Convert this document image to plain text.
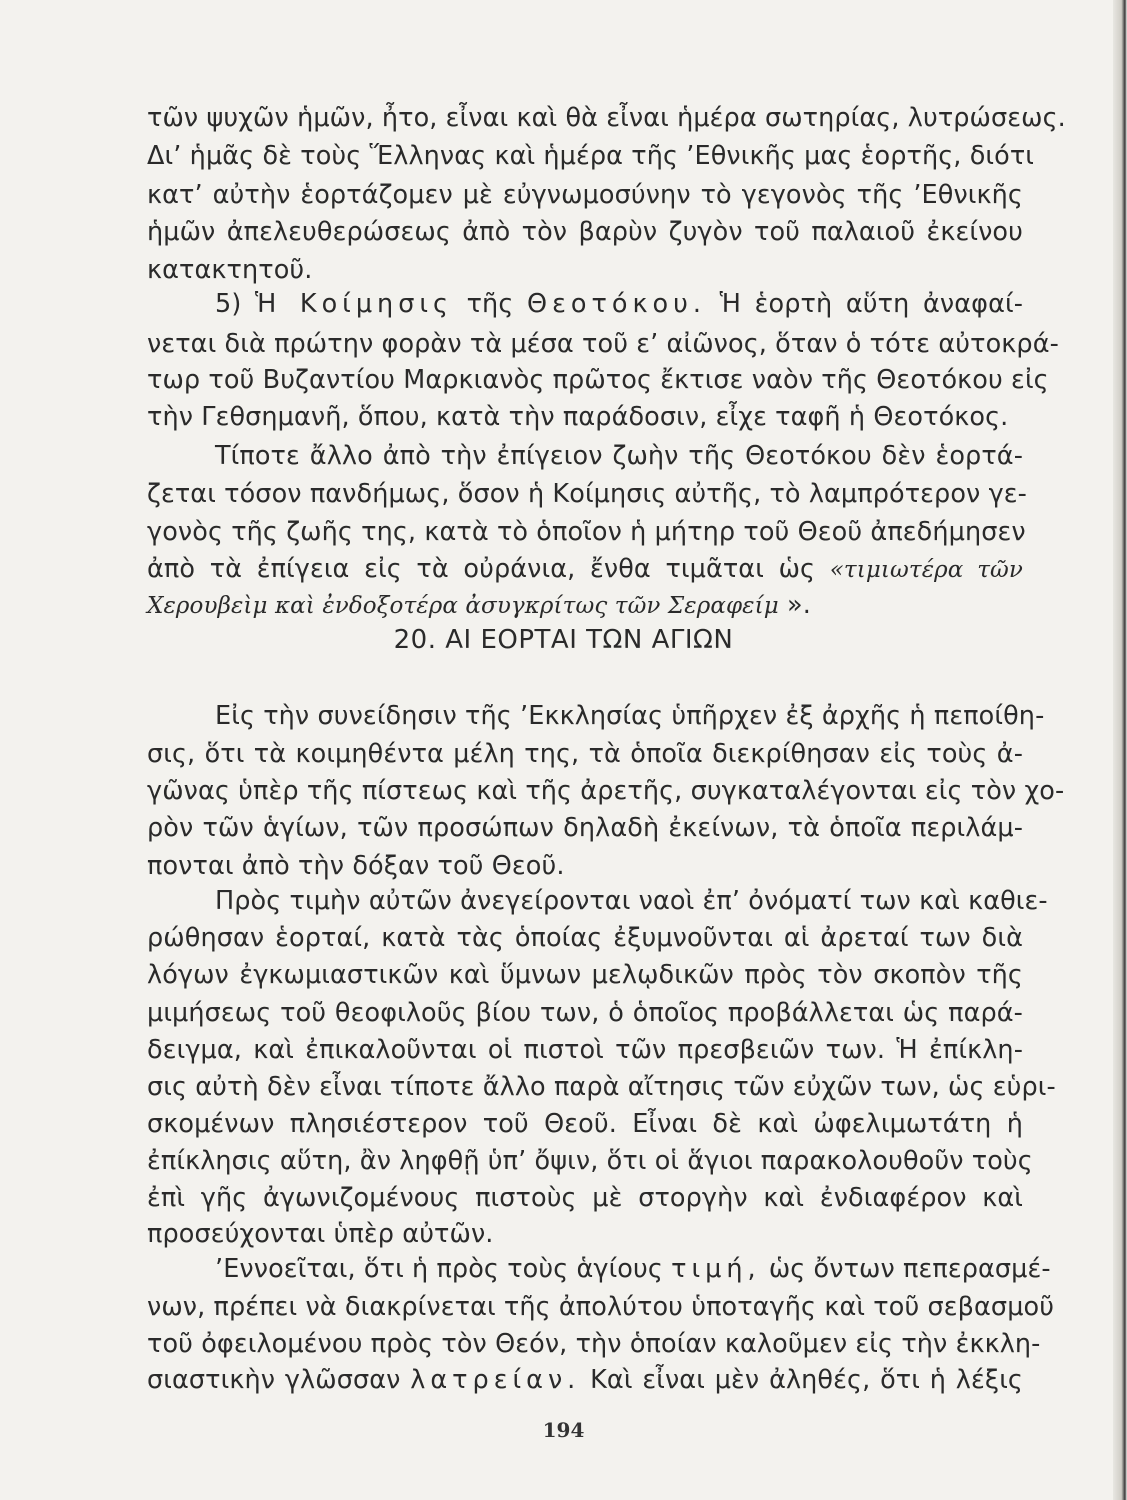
τῶν ψυχῶν ἡμῶν, ἦτο, εἶναι καὶ θὰ εἶναι ἡμέρα σωτηρίας, λυτρώσεως.
Δι’ ἡμᾶς δὲ τοὺς Ἕλληνας καὶ ἡμέρα τῆς ’Εθνικῆς μας ἑορτῆς, διότι
κατ’ αὐτὴν ἑορτάζομεν μὲ εὐγνωμοσύνην τὸ γεγονὸς τῆς ’Εθνικῆς
ἡμῶν ἀπελευθερώσεως ἀπὸ τὸν βαρὺν ζυγὸν τοῦ παλαιοῦ ἐκείνου
κατακτητοῦ.
5) Ἡ Κοίμησις τῆς Θεοτόκου. Ἡ ἑορτὴ αὕτη ἀναφαί-
νεται διὰ πρώτην φορὰν τὰ μέσα τοῦ ε’ αἰῶνος, ὅταν ὁ τότε αὐτοκρά-
τωρ τοῦ Βυζαντίου Μαρκιανὸς πρῶτος ἔκτισε ναὸν τῆς Θεοτόκου εἰς
τὴν Γεθσημανῆ, ὅπου, κατὰ τὴν παράδοσιν, εἶχε ταφῆ ἡ Θεοτόκος.
Τίποτε ἄλλο ἀπὸ τὴν ἐπίγειον ζωὴν τῆς Θεοτόκου δὲν ἑορτά-
ζεται τόσον πανδήμως, ὅσον ἡ Κοίμησις αὐτῆς, τὸ λαμπρότερον γε-
γονὸς τῆς ζωῆς της, κατὰ τὸ ὁποῖον ἡ μήτηρ τοῦ Θεοῦ ἀπεδήμησεν
ἀπὸ τὰ ἐπίγεια εἰς τὰ οὐράνια, ἔνθα τιμᾶται ὡς «τιμιωτέρα τῶν
Χερουβεὶμ καὶ ἐνδοξοτέρα ἀσυγκρίτως τῶν Σεραφείμ ».
20. ΑΙ ΕΟΡΤΑΙ ΤΩΝ ΑΓΙΩΝ
Εἰς τὴν συνείδησιν τῆς ’Εκκλησίας ὑπῆρχεν ἐξ ἀρχῆς ἡ πεποίθη-
σις, ὅτι τὰ κοιμηθέντα μέλη της, τὰ ὁποῖα διεκρίθησαν εἰς τοὺς ἀ-
γῶνας ὑπὲρ τῆς πίστεως καὶ τῆς ἀρετῆς, συγκαταλέγονται εἰς τὸν χο-
ρὸν τῶν ἁγίων, τῶν προσώπων δηλαδὴ ἐκείνων, τὰ ὁποῖα περιλάμ-
πονται ἀπὸ τὴν δόξαν τοῦ Θεοῦ.
Πρὸς τιμὴν αὐτῶν ἀνεγείρονται ναοὶ ἐπ’ ὀνόματί των καὶ καθιε-
ρώθησαν ἑορταί, κατὰ τὰς ὁποίας ἐξυμνοῦνται αἱ ἀρεταί των διὰ
λόγων ἐγκωμιαστικῶν καὶ ὕμνων μελῳδικῶν πρὸς τὸν σκοπὸν τῆς
μιμήσεως τοῦ θεοφιλοῦς βίου των, ὁ ὁποῖος προβάλλεται ὡς παρά-
δειγμα, καὶ ἐπικαλοῦνται οἱ πιστοὶ τῶν πρεσβειῶν των. Ἡ ἐπίκλη-
σις αὐτὴ δὲν εἶναι τίποτε ἄλλο παρὰ αἴτησις τῶν εὐχῶν των, ὡς εὑρι-
σκομένων πλησιέστερον τοῦ Θεοῦ. Εἶναι δὲ καὶ ὠφελιμωτάτη ἡ
ἐπίκλησις αὕτη, ἂν ληφθῇ ὑπ’ ὄψιν, ὅτι οἱ ἅγιοι παρακολουθοῦν τοὺς
ἐπὶ γῆς ἀγωνιζομένους πιστοὺς μὲ στοργὴν καὶ ἐνδιαφέρον καὶ
προσεύχονται ὑπὲρ αὐτῶν.
’Εννοεῖται, ὅτι ἡ πρὸς τοὺς ἁγίους τιμή, ὡς ὄντων πεπερασμέ-
νων, πρέπει νὰ διακρίνεται τῆς ἀπολύτου ὑποταγῆς καὶ τοῦ σεβασμοῦ
τοῦ ὀφειλομένου πρὸς τὸν Θεόν, τὴν ὁποίαν καλοῦμεν εἰς τὴν ἐκκλη-
σιαστικὴν γλῶσσαν λατρείαν. Καὶ εἶναι μὲν ἀληθές, ὅτι ἡ λέξις
194
